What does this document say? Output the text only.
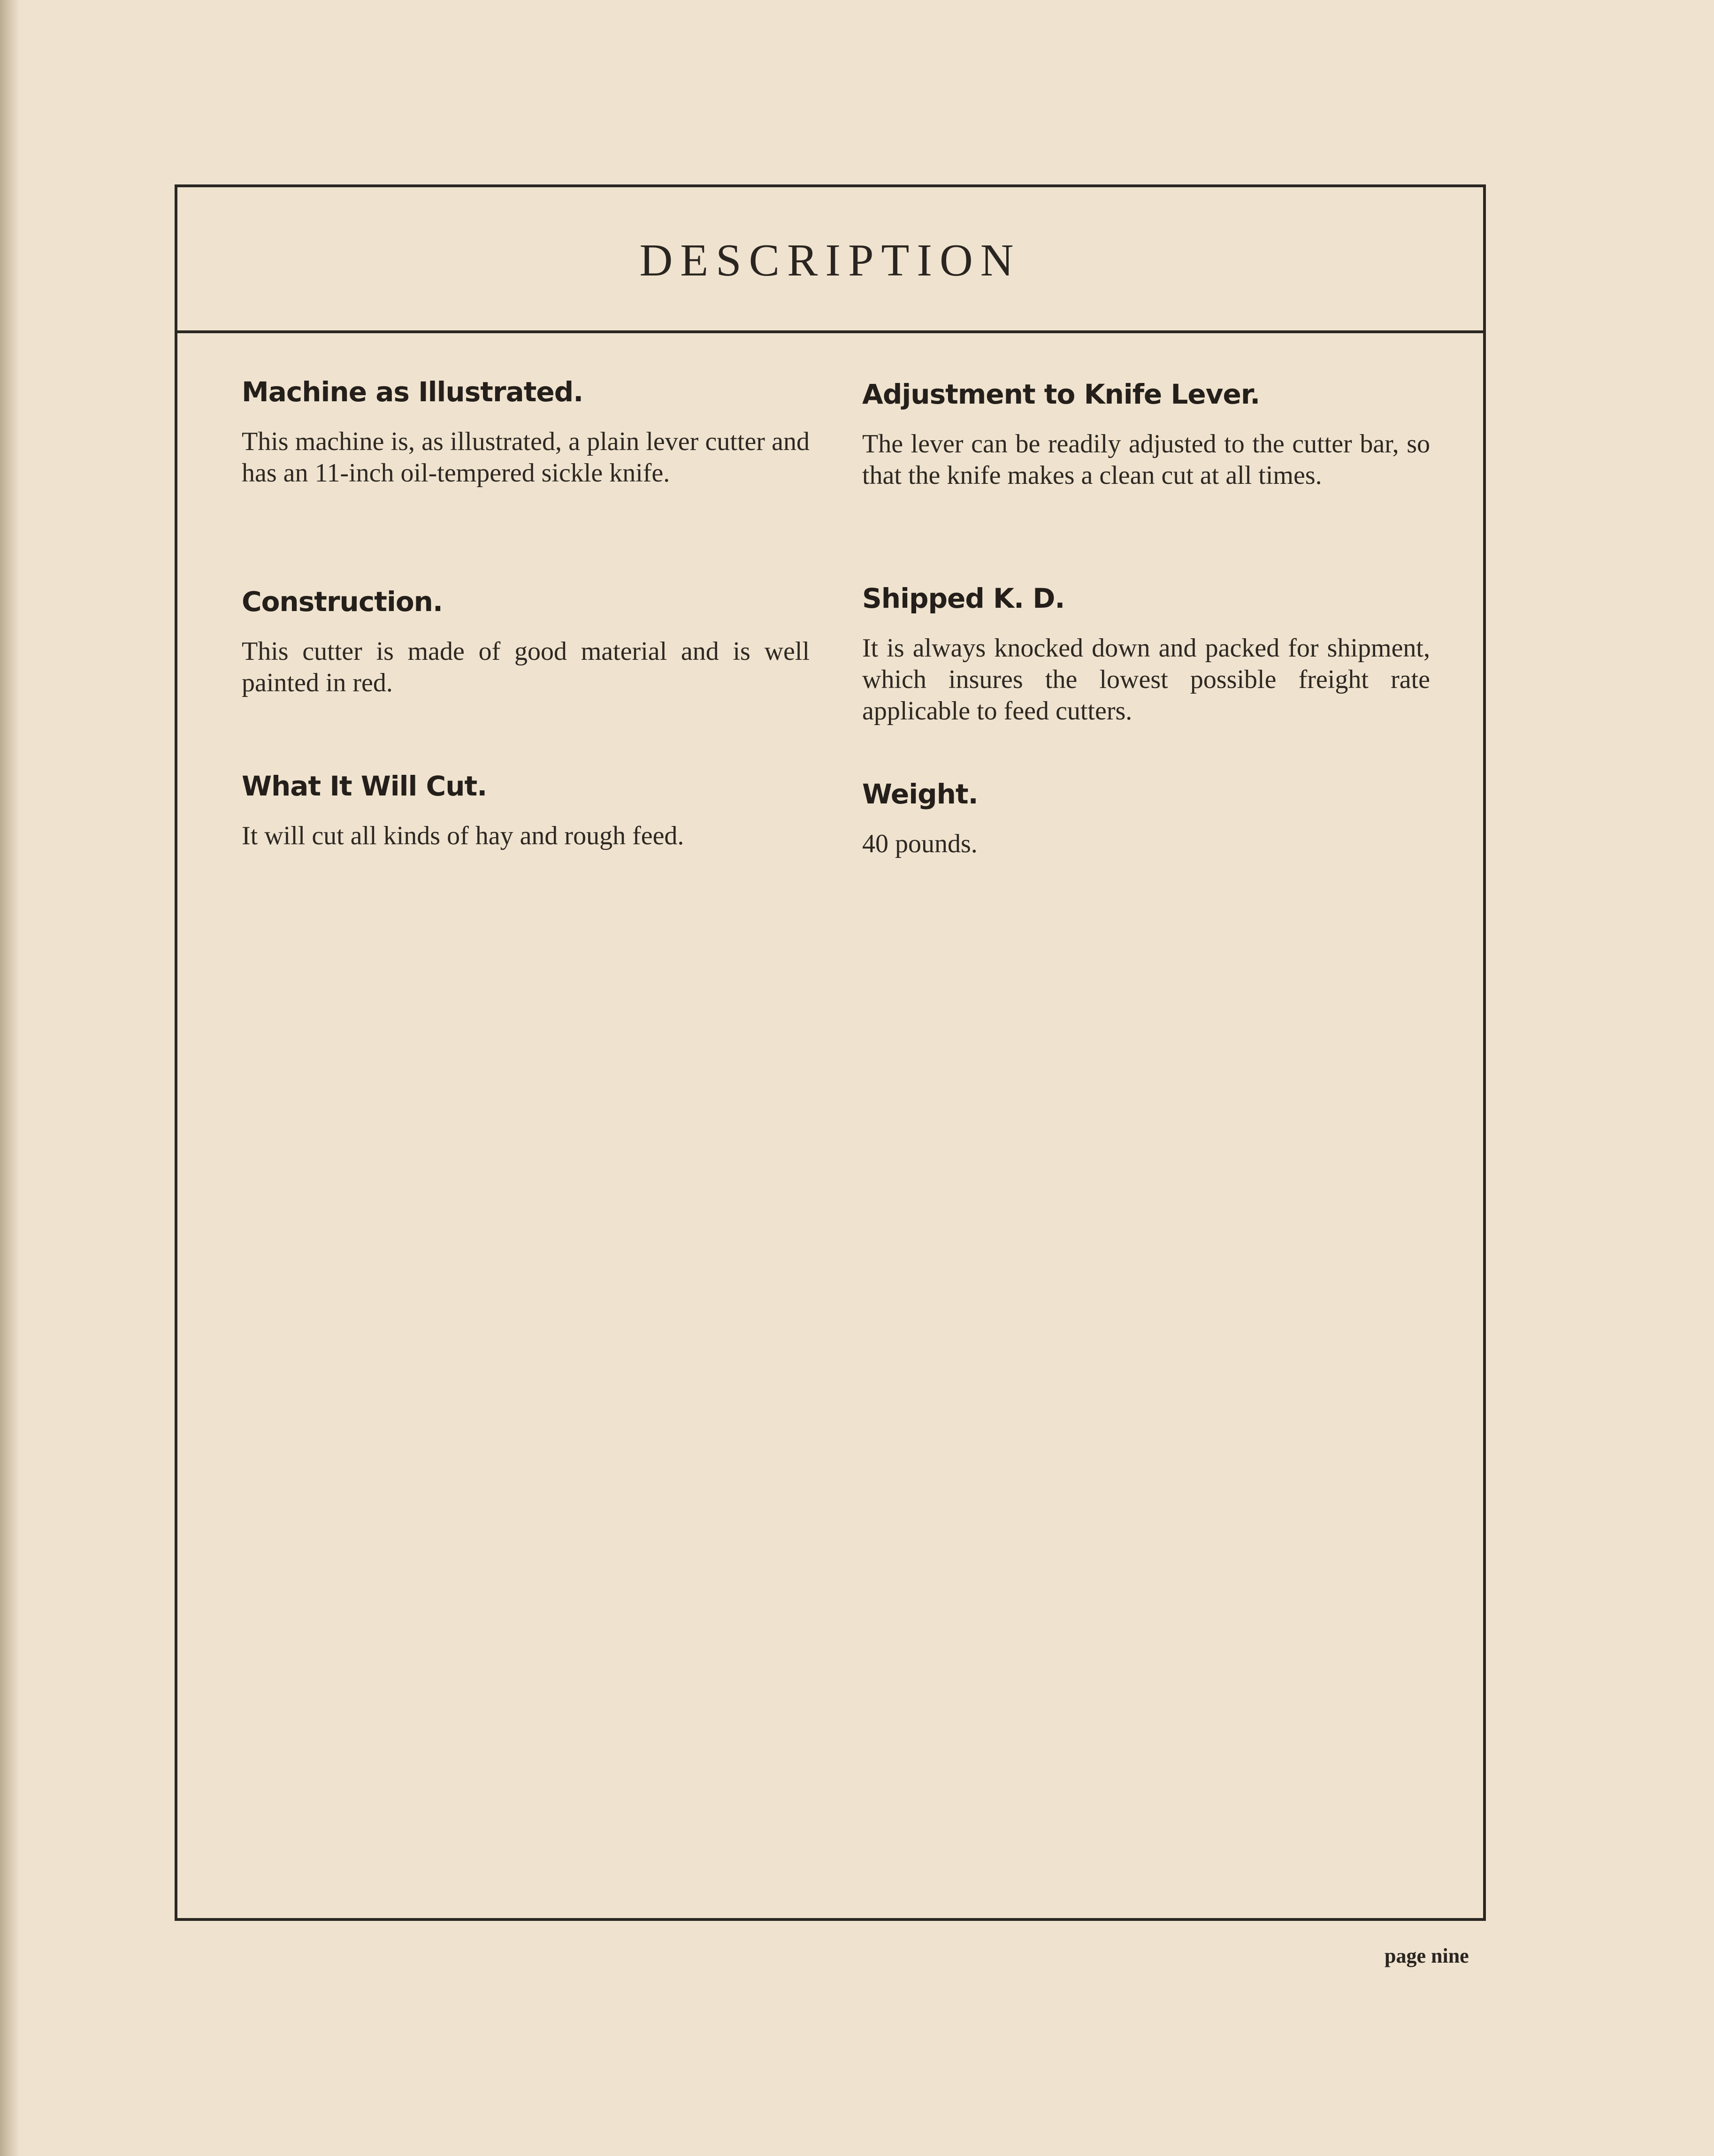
DESCRIPTION
Machine as Illustrated.

This machine is, as illustrated, a plain lever cutter and has an 11-inch oil-tempered sickle knife.

Construction.

This cutter is made of good material and is well painted in red.

What It Will Cut.

It will cut all kinds of hay and rough feed.

Adjustment to Knife Lever.

The lever can be readily adjusted to the cutter bar, so that the knife makes a clean cut at all times.

Shipped K. D.

It is always knocked down and packed for shipment, which insures the lowest possible freight rate applicable to feed cutters.

Weight.

40 pounds.

page nine
